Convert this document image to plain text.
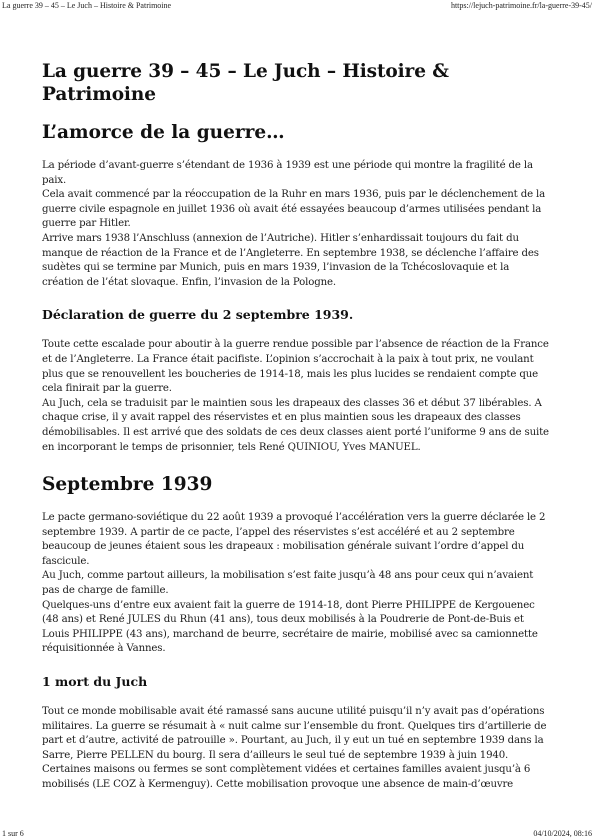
La guerre 39 – 45 – Le Juch – Histoire & Patrimoine	https://lejuch-patrimoine.fr/la-guerre-39-45/
La guerre 39 – 45 – Le Juch – Histoire & Patrimoine
L’amorce de la guerre…

La période d’avant-guerre s’étendant de 1936 à 1939 est une période qui montre la fragilité de la paix.

Cela avait commencé par la réoccupation de la Ruhr en mars 1936, puis par le déclenchement de la guerre civile espagnole en juillet 1936 où avait été essayées beaucoup d’armes utilisées pendant la guerre par Hitler.

Arrive mars 1938 l’Anschluss (annexion de l’Autriche). Hitler s’enhardissait toujours du fait du manque de réaction de la France et de l’Angleterre. En septembre 1938, se déclenche l’affaire des sudètes qui se termine par Munich, puis en mars 1939, l’invasion de la Tchécoslovaquie et la création de l’état slovaque. Enfin, l’invasion de la Pologne.

Déclaration de guerre du 2 septembre 1939.

Toute cette escalade pour aboutir à la guerre rendue possible par l’absence de réaction de la France et de l’Angleterre. La France était pacifiste. L’opinion s’accrochait à la paix à tout prix, ne voulant plus que se renouvellent les boucheries de 1914-18, mais les plus lucides se rendaient compte que cela finirait par la guerre.

Au Juch, cela se traduisit par le maintien sous les drapeaux des classes 36 et début 37 libérables. A chaque crise, il y avait rappel des réservistes et en plus maintien sous les drapeaux des classes démobilisables. Il est arrivé que des soldats de ces deux classes aient porté l’uniforme 9 ans de suite en incorporant le temps de prisonnier, tels René QUINIOU, Yves MANUEL.

Septembre 1939

Le pacte germano-soviétique du 22 août 1939 a provoqué l’accélération vers la guerre déclarée le 2 septembre 1939. A partir de ce pacte, l’appel des réservistes s’est accéléré et au 2 septembre beaucoup de jeunes étaient sous les drapeaux : mobilisation générale suivant l’ordre d’appel du fascicule.

Au Juch, comme partout ailleurs, la mobilisation s’est faite jusqu’à 48 ans pour ceux qui n’avaient pas de charge de famille.

Quelques-uns d’entre eux avaient fait la guerre de 1914-18, dont Pierre PHILIPPE de Kergouenec (48 ans) et René JULES du Rhun (41 ans), tous deux mobilisés à la Poudrerie de Pont-de-Buis et Louis PHILIPPE (43 ans), marchand de beurre, secrétaire de mairie, mobilisé avec sa camionnette réquisitionnée à Vannes.

1 mort du Juch

Tout ce monde mobilisable avait été ramassé sans aucune utilité puisqu’il n’y avait pas d’opérations militaires. La guerre se résumait à « nuit calme sur l’ensemble du front. Quelques tirs d’artillerie de part et d’autre, activité de patrouille ». Pourtant, au Juch, il y eut un tué en septembre 1939 dans la Sarre, Pierre PELLEN du bourg. Il sera d’ailleurs le seul tué de septembre 1939 à juin 1940.

Certaines maisons ou fermes se sont complètement vidées et certaines familles avaient jusqu’à 6 mobilisés (LE COZ à Kermenguy). Cette mobilisation provoque une absence de main-d’œuvre

1 sur 6	04/10/2024, 08:16
